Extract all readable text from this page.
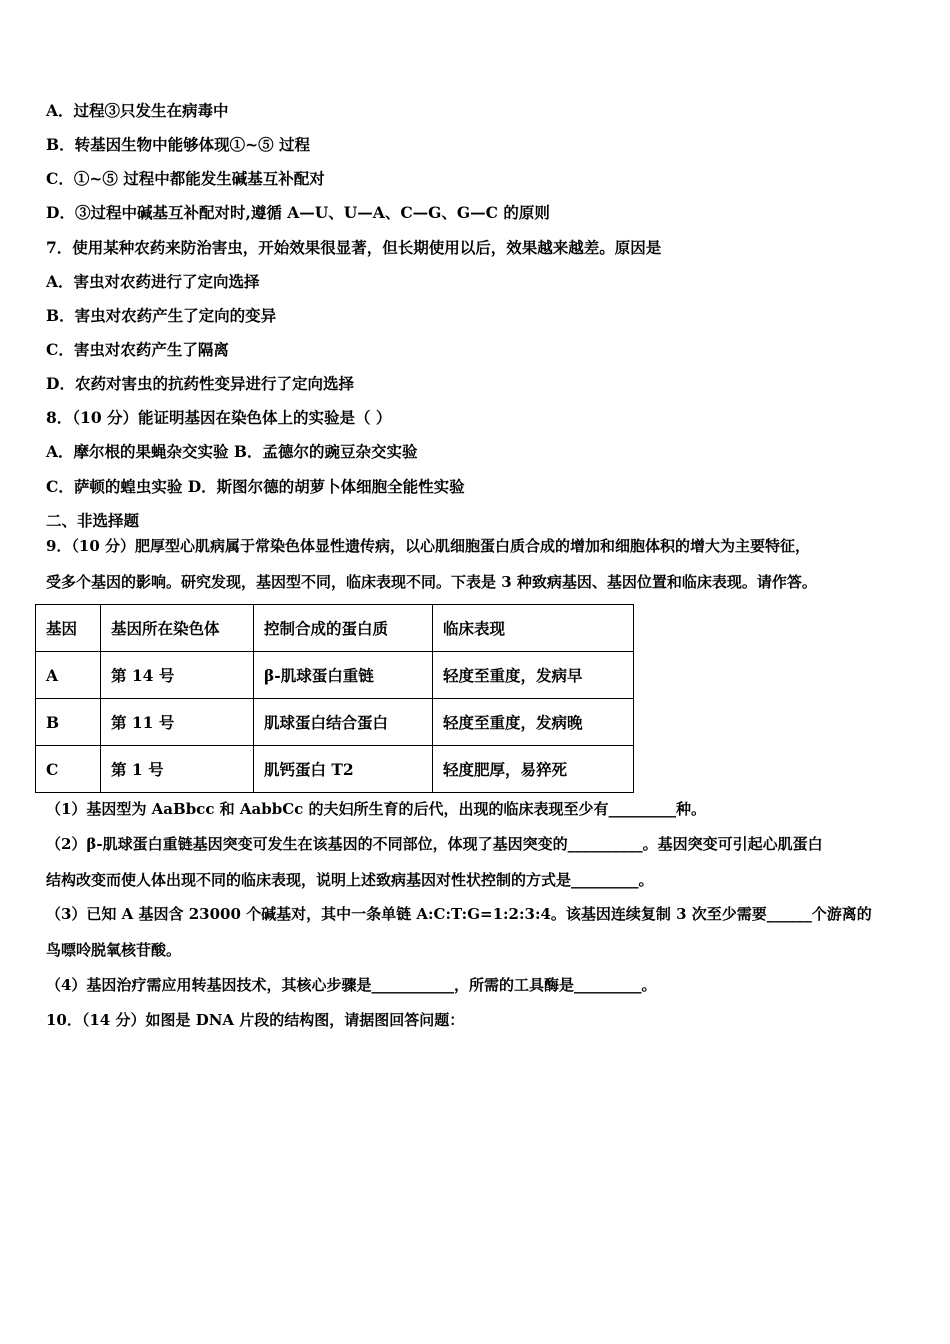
A．过程③只发生在病毒中
B．转基因生物中能够体现①~⑤ 过程
C．①~⑤ 过程中都能发生碱基互补配对
D．③过程中碱基互补配对时,遵循 A—U、U—A、C—G、G—C 的原则
7．使用某种农药来防治害虫，开始效果很显著，但长期使用以后，效果越来越差。原因是
A．害虫对农药进行了定向选择
B．害虫对农药产生了定向的变异
C．害虫对农药产生了隔离
D．农药对害虫的抗药性变异进行了定向选择
8．（10 分）能证明基因在染色体上的实验是（ ）
A．摩尔根的果蝇杂交实验 B．孟德尔的豌豆杂交实验
C．萨顿的蝗虫实验 D．斯图尔德的胡萝卜体细胞全能性实验
二、非选择题
9．（10 分）肥厚型心肌病属于常染色体显性遗传病，以心肌细胞蛋白质合成的增加和细胞体积的增大为主要特征，
受多个基因的影响。研究发现，基因型不同，临床表现不同。下表是 3 种致病基因、基因位置和临床表现。请作答。
基因	基因所在染色体	控制合成的蛋白质	临床表现
A	第 14 号	β-肌球蛋白重链	轻度至重度，发病早
B	第 11 号	肌球蛋白结合蛋白	轻度至重度，发病晚
C	第 1 号	肌钙蛋白 T2	轻度肥厚，易猝死
（1）基因型为 AaBbcc 和 AabbCc 的夫妇所生育的后代，出现的临床表现至少有_________种。
（2）β-肌球蛋白重链基因突变可发生在该基因的不同部位，体现了基因突变的__________。基因突变可引起心肌蛋白
结构改变而使人体出现不同的临床表现，说明上述致病基因对性状控制的方式是_________。
（3）已知 A 基因含 23000 个碱基对，其中一条单链 A:C:T:G=1:2:3:4。该基因连续复制 3 次至少需要______个游离的
鸟嘌呤脱氧核苷酸。
（4）基因治疗需应用转基因技术，其核心步骤是___________，所需的工具酶是_________。
10．（14 分）如图是 DNA 片段的结构图，请据图回答问题：
